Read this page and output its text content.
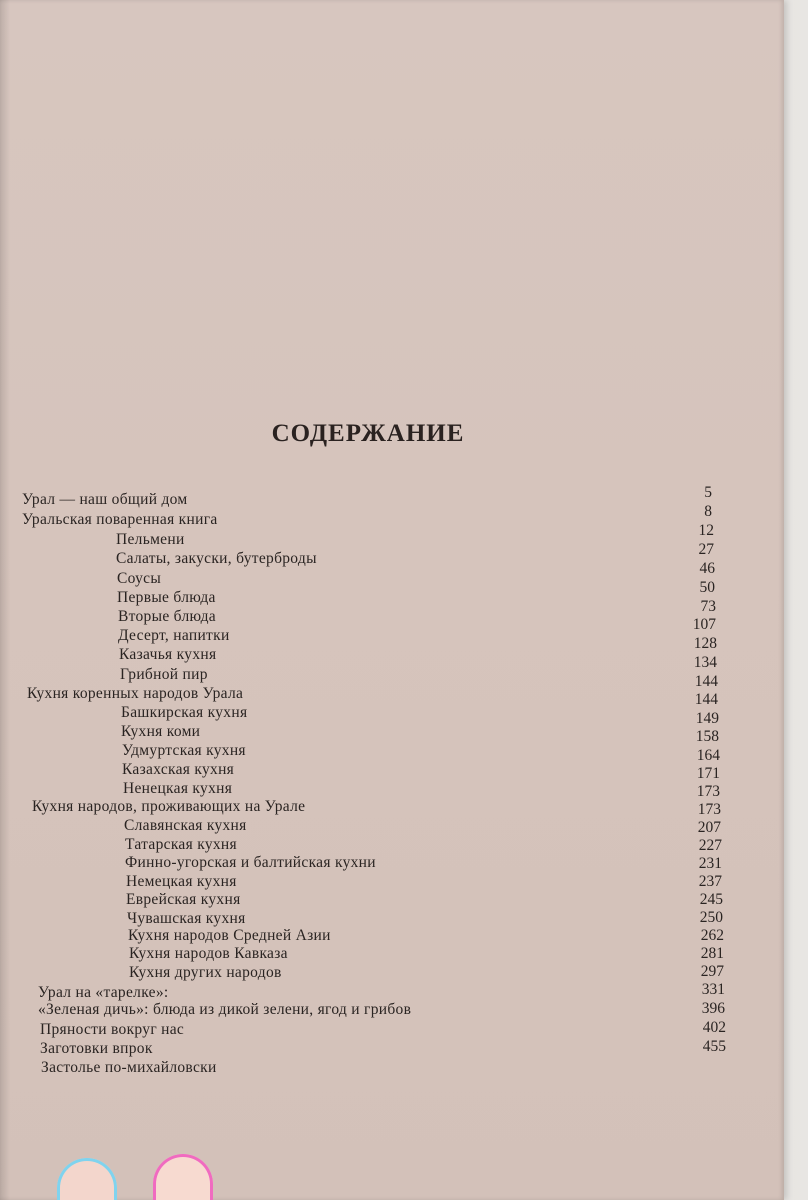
СОДЕРЖАНИЕ
Урал — наш общий дом
Уральская поваренная книга
Пельмени
Салаты, закуски, бутерброды
Соусы
Первые блюда
Вторые блюда
Десерт, напитки
Казачья кухня
Грибной пир
Кухня коренных народов Урала
Башкирская кухня
Кухня коми
Удмуртская кухня
Казахская кухня
Ненецкая кухня
Кухня народов, проживающих на Урале
Славянская кухня
Татарская кухня
Финно-угорская и балтийская кухни
Немецкая кухня
Еврейская кухня
Чувашская кухня
Кухня народов Средней Азии
Кухня народов Кавказа
Кухня других народов
Урал на «тарелке»:
«Зеленая дичь»: блюда из дикой зелени, ягод и грибов
Пряности вокруг нас
Заготовки впрок
Застолье по-михайловски
5
8
12
27
46
50
73
107
128
134
144
144
149
158
164
171
173
173
207
227
231
237
245
250
262
281
297
331
396
402
455
